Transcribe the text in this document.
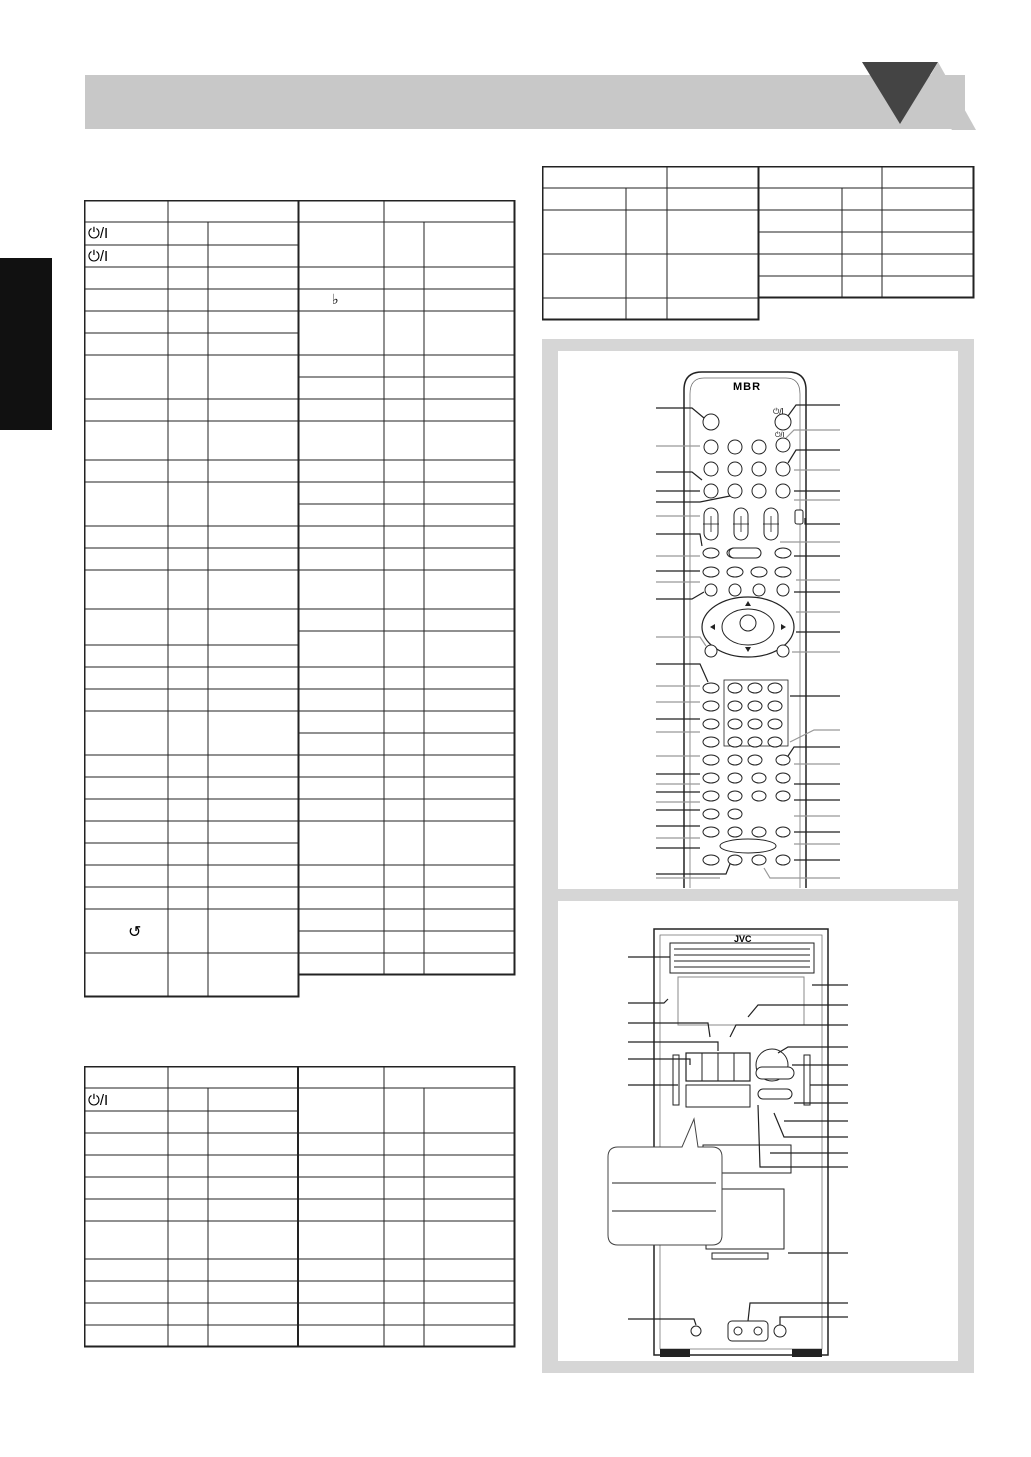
⏻/I
⏻/I
♭
↺
⏻/I
MBR
⏻/I
⏻/I
JVC
